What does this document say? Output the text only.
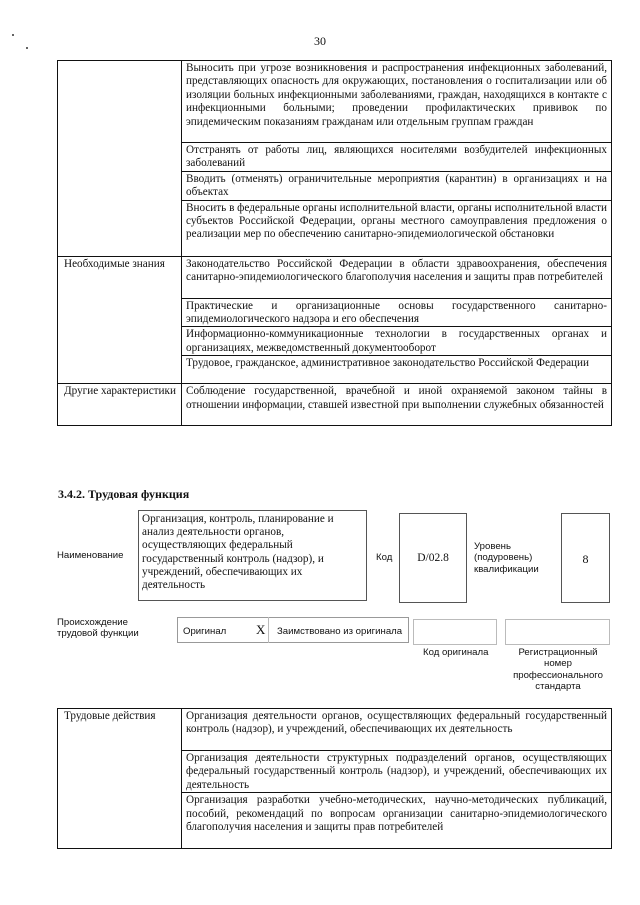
30
	Выносить при угрозе возникновения и распространения инфекционных заболеваний, представляющих опасность для окружающих, постановления о госпитализации или об изоляции больных инфекционными заболеваниями, граждан, находящихся в контакте с инфекционными больными; проведении профилактических прививок по эпидемическим показаниям гражданам или отдельным группам граждан
	Отстранять от работы лиц, являющихся носителями возбудителей инфекционных заболеваний
	Вводить (отменять) ограничительные мероприятия (карантин) в организациях и на объектах
	Вносить в федеральные органы исполнительной власти, органы исполнительной власти субъектов Российской Федерации, органы местного самоуправления предложения о реализации мер по обеспечению санитарно-эпидемиологической обстановки
Необходимые знания	Законодательство Российской Федерации в области здравоохранения, обеспечения санитарно-эпидемиологического благополучия населения и защиты прав потребителей
	Практические и организационные основы государственного санитарно-эпидемиологического надзора и его обеспечения
	Информационно-коммуникационные технологии в государственных органах и организациях, межведомственный документооборот
	Трудовое, гражданское, административное законодательство Российской Федерации
Другие характеристики	Соблюдение государственной, врачебной и иной охраняемой законом тайны в отношении информации, ставшей известной при выполнении служебных обязанностей
3.4.2. Трудовая функция
Наименование
Организация, контроль, планирование и анализ деятельности органов, осуществляющих федеральный государственный контроль (надзор), и учреждений, обеспечивающих их деятельность
Код	D/02.8
Уровень (подуровень) квалификации
8
Происхождение трудовой функции	Оригинал X Заимствовано из оригинала
Код оригинала	Регистрационный номер профессионального стандарта
Трудовые действия	Организация деятельности органов, осуществляющих федеральный государственный контроль (надзор), и учреждений, обеспечивающих их деятельность
Организация деятельности структурных подразделений органов, осуществляющих федеральный государственный контроль (надзор), и учреждений, обеспечивающих их деятельность
Организация разработки учебно-методических, научно-методических публикаций, пособий, рекомендаций по вопросам организации санитарно-эпидемиологического благополучия населения и защиты прав потребителей
